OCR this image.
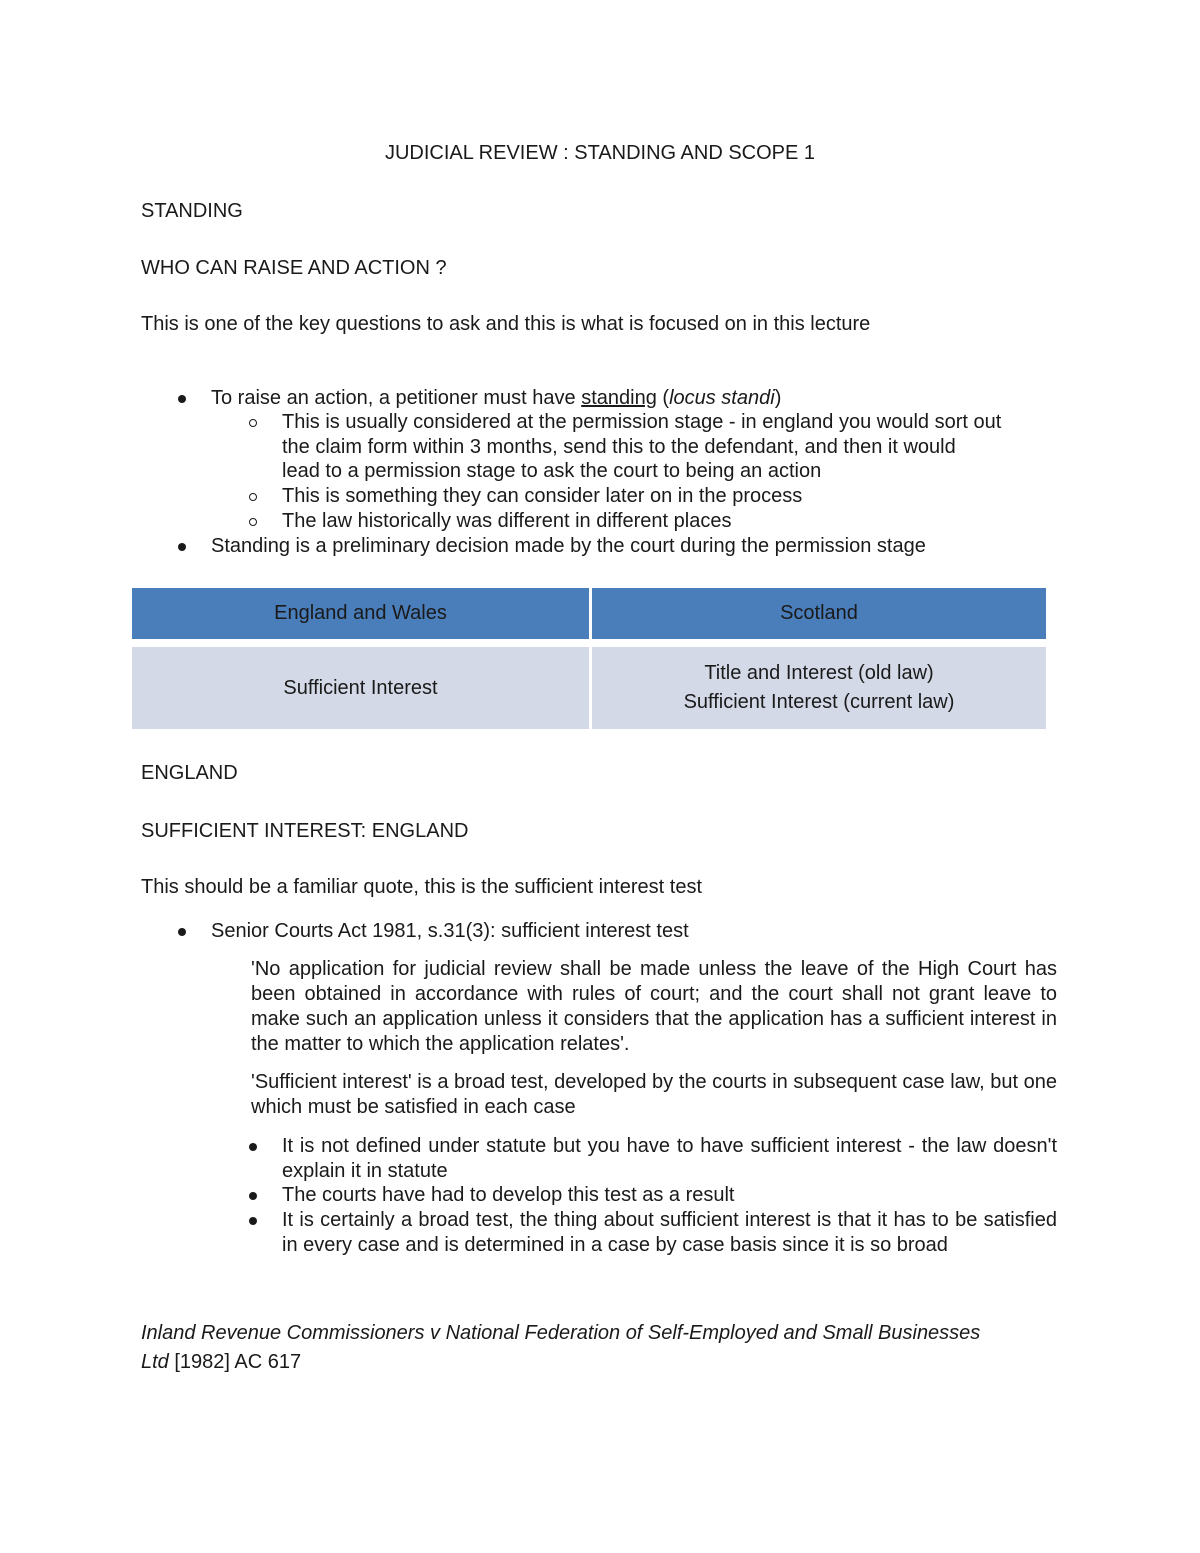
JUDICIAL REVIEW : STANDING AND SCOPE 1
STANDING
WHO CAN RAISE AND ACTION ?
This is one of the key questions to ask and this is what is focused on in this lecture
To raise an action, a petitioner must have standing (locus standi)
This is usually considered at the permission stage - in england you would sort out
the claim form within 3 months, send this to the defendant, and then it would
lead to a permission stage to ask the court to being an action
This is something they can consider later on in the process
The law historically was different in different places
Standing is a preliminary decision made by the court during the permission stage
England and Wales	Scotland

Sufficient Interest	Title and Interest (old law)
Sufficient Interest (current law)
ENGLAND
SUFFICIENT INTEREST: ENGLAND
This should be a familiar quote, this is the sufficient interest test
Senior Courts Act 1981, s.31(3): sufficient interest test
'No application for judicial review shall be made unless the leave of the High Court has been obtained in accordance with rules of court; and the court shall not grant leave to make such an application unless it considers that the application has a sufficient interest in the matter to which the application relates'.
'Sufficient interest' is a broad test, developed by the courts in subsequent case law, but one which must be satisfied in each case
It is not defined under statute but you have to have sufficient interest - the law doesn't explain it in statute
The courts have had to develop this test as a result
It is certainly a broad test, the thing about sufficient interest is that it has to be satisfied in every case and is determined in a case by case basis since it is so broad
Inland Revenue Commissioners v National Federation of Self-Employed and Small Businesses
Ltd [1982] AC 617
